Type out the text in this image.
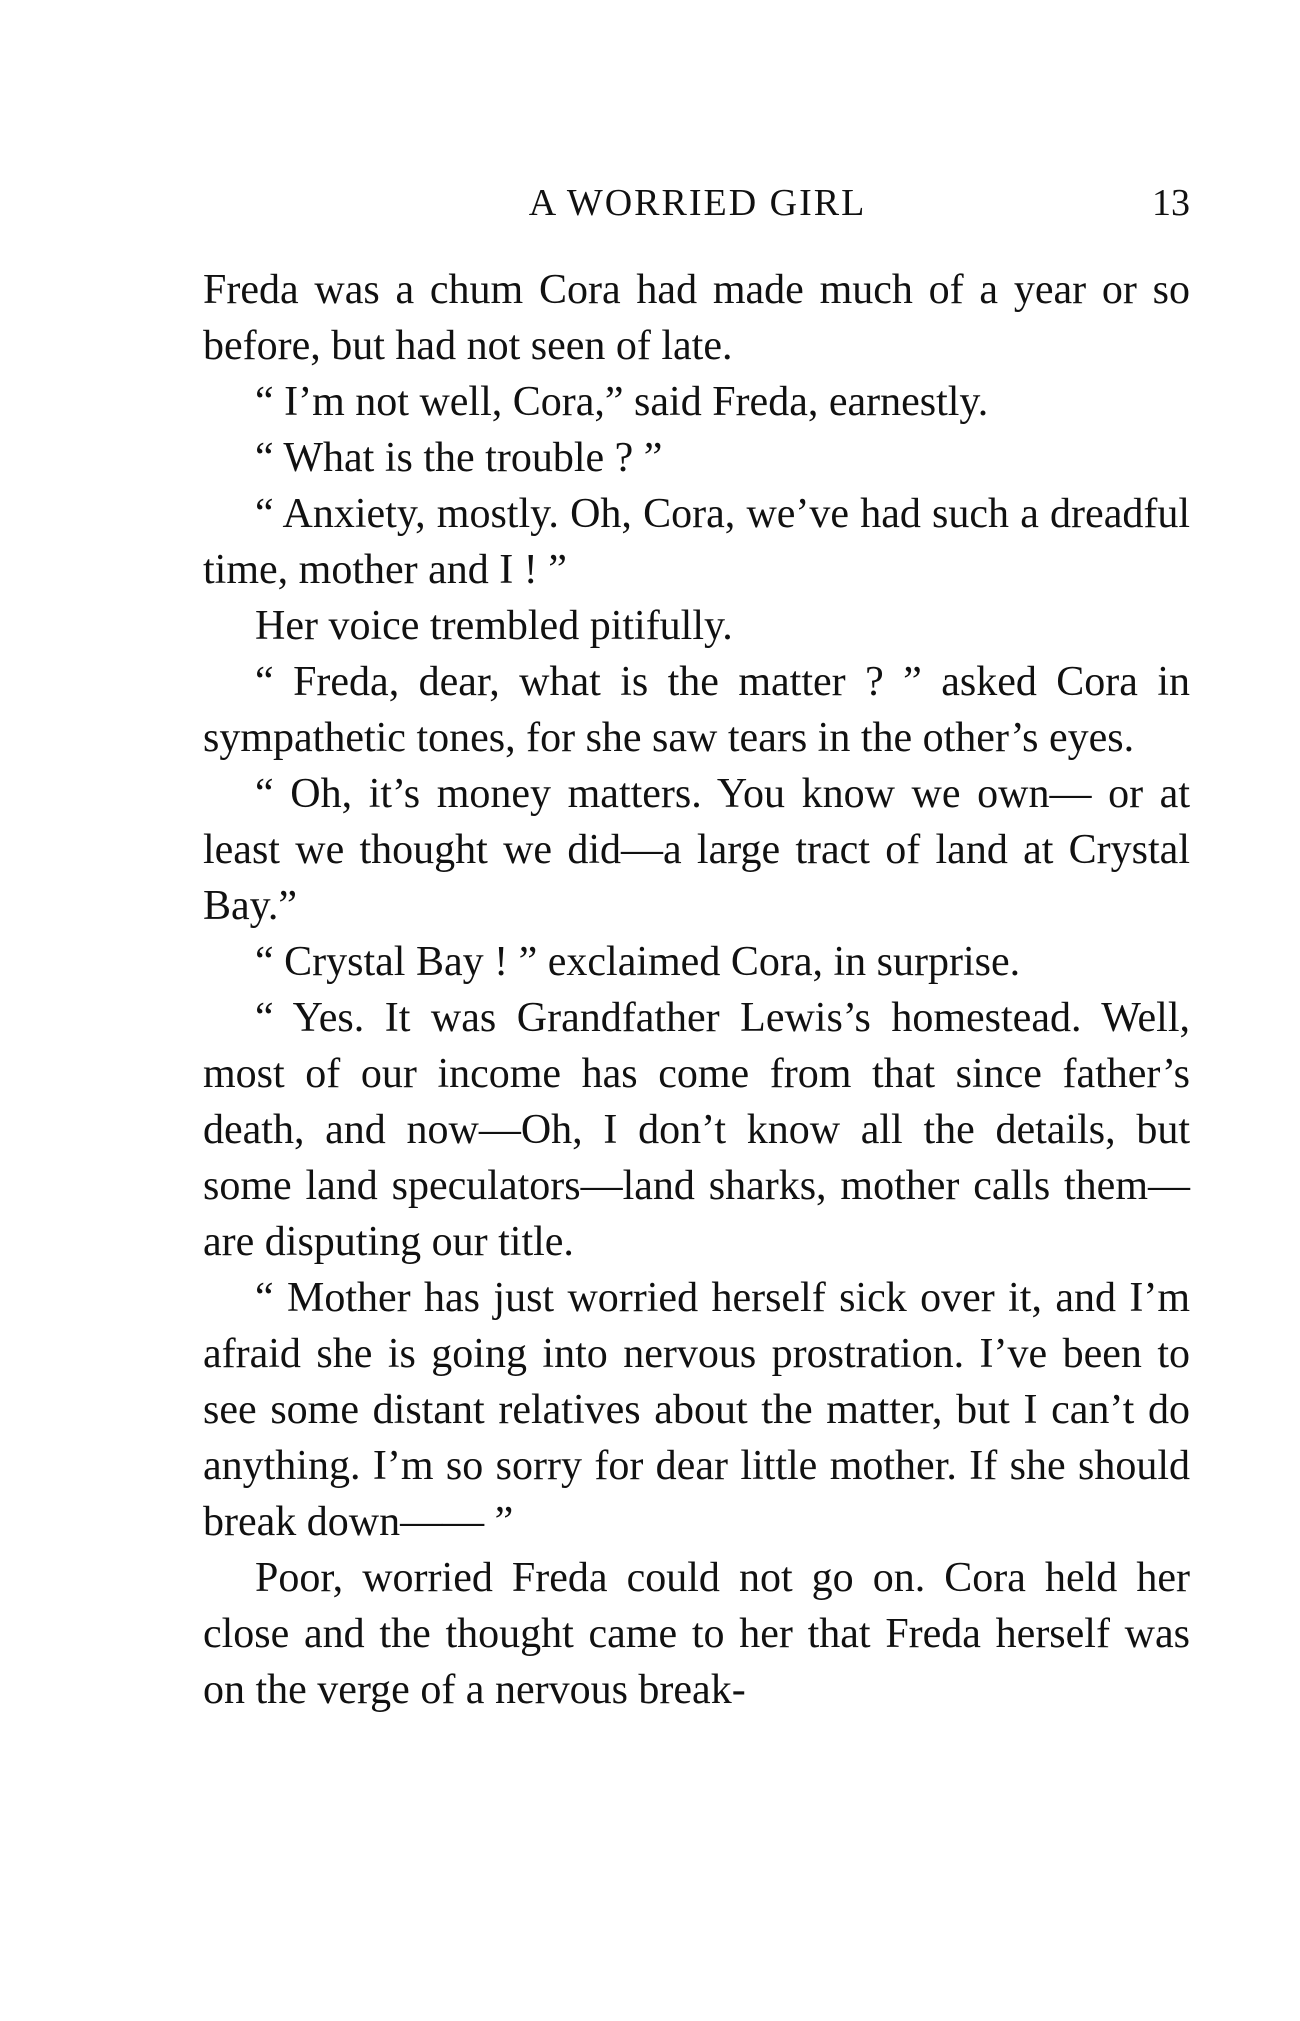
A WORRIED GIRL	13

Freda was a chum Cora had made much of a year or so before, but had not seen of late.

“ I’m not well, Cora,” said Freda, earnestly.

“ What is the trouble ? ”

“ Anxiety, mostly. Oh, Cora, we’ve had such a dreadful time, mother and I ! ”

Her voice trembled pitifully.

“ Freda, dear, what is the matter ? ” asked Cora in sympathetic tones, for she saw tears in the other’s eyes.

“ Oh, it’s money matters. You know we own— or at least we thought we did—a large tract of land at Crystal Bay.”

“ Crystal Bay ! ” exclaimed Cora, in surprise.

“ Yes. It was Grandfather Lewis’s homestead. Well, most of our income has come from that since father’s death, and now—Oh, I don’t know all the details, but some land speculators—land sharks, mother calls them—are disputing our title.

“ Mother has just worried herself sick over it, and I’m afraid she is going into nervous prostration. I’ve been to see some distant relatives about the matter, but I can’t do anything. I’m so sorry for dear little mother. If she should break down—— ”

Poor, worried Freda could not go on. Cora held her close and the thought came to her that Freda herself was on the verge of a nervous break-
